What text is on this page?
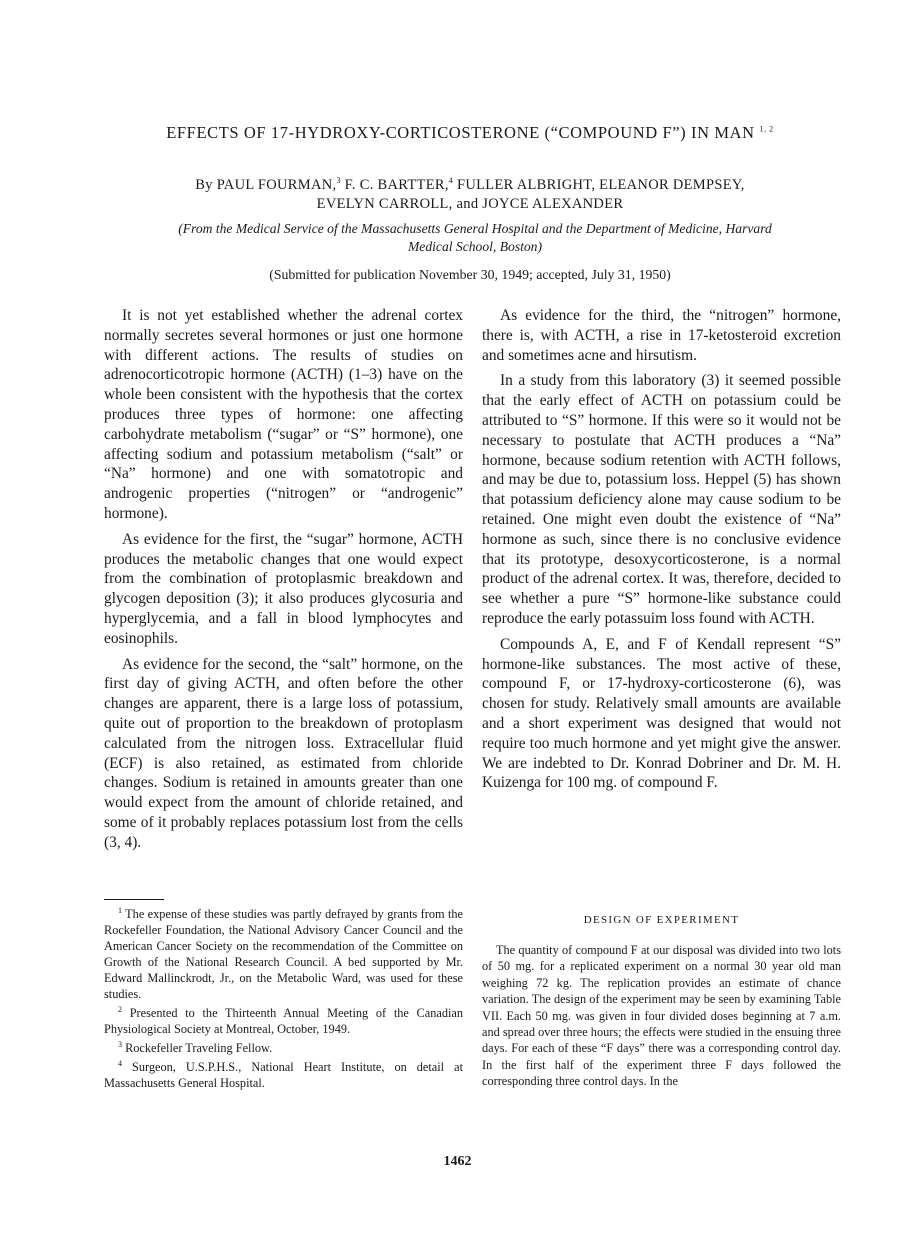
EFFECTS OF 17-HYDROXY-CORTICOSTERONE (“COMPOUND F”) IN MAN $^{1, 2}$
By PAUL FOURMAN,$^3$ F. C. BARTTER,$^4$ FULLER ALBRIGHT, ELEANOR DEMPSEY, EVELYN CARROLL, and JOYCE ALEXANDER
(From the Medical Service of the Massachusetts General Hospital and the Department of Medicine, Harvard Medical School, Boston)
(Submitted for publication November 30, 1949; accepted, July 31, 1950)

It is not yet established whether the adrenal cortex normally secretes several hormones or just one hormone with different actions. The results of studies on adrenocorticotropic hormone (ACTH) (1–3) have on the whole been consistent with the hypothesis that the cortex produces three types of hormone: one affecting carbohydrate metabolism (“sugar” or “S” hormone), one affecting sodium and potassium metabolism (“salt” or “Na” hormone) and one with somatotropic and androgenic properties (“nitrogen” or “androgenic” hormone).

As evidence for the first, the “sugar” hormone, ACTH produces the metabolic changes that one would expect from the combination of protoplasmic breakdown and glycogen deposition (3); it also produces glycosuria and hyperglycemia, and a fall in blood lymphocytes and eosinophils.

As evidence for the second, the “salt” hormone, on the first day of giving ACTH, and often before the other changes are apparent, there is a large loss of potassium, quite out of proportion to the breakdown of protoplasm calculated from the nitrogen loss. Extracellular fluid (ECF) is also retained, as estimated from chloride changes. Sodium is retained in amounts greater than one would expect from the amount of chloride retained, and some of it probably replaces potassium lost from the cells (3, 4).

As evidence for the third, the “nitrogen” hormone, there is, with ACTH, a rise in 17-ketosteroid excretion and sometimes acne and hirsutism.

In a study from this laboratory (3) it seemed possible that the early effect of ACTH on potassium could be attributed to “S” hormone. If this were so it would not be necessary to postulate that ACTH produces a “Na” hormone, because sodium retention with ACTH follows, and may be due to, potassium loss. Heppel (5) has shown that potassium deficiency alone may cause sodium to be retained. One might even doubt the existence of “Na” hormone as such, since there is no conclusive evidence that its prototype, desoxycorticosterone, is a normal product of the adrenal cortex. It was, therefore, decided to see whether a pure “S” hormone-like substance could reproduce the early potassuim loss found with ACTH.

Compounds A, E, and F of Kendall represent “S” hormone-like substances. The most active of these, compound F, or 17-hydroxy-corticosterone (6), was chosen for study. Relatively small amounts are available and a short experiment was designed that would not require too much hormone and yet might give the answer. We are indebted to Dr. Konrad Dobriner and Dr. M. H. Kuizenga for 100 mg. of compound F.

$^1$ The expense of these studies was partly defrayed by grants from the Rockefeller Foundation, the National Advisory Cancer Council and the American Cancer Society on the recommendation of the Committee on Growth of the National Research Council. A bed supported by Mr. Edward Mallinckrodt, Jr., on the Metabolic Ward, was used for these studies.

$^2$ Presented to the Thirteenth Annual Meeting of the Canadian Physiological Society at Montreal, October, 1949.

$^3$ Rockefeller Traveling Fellow.

$^4$ Surgeon, U.S.P.H.S., National Heart Institute, on detail at Massachusetts General Hospital.

DESIGN OF EXPERIMENT

The quantity of compound F at our disposal was divided into two lots of 50 mg. for a replicated experiment on a normal 30 year old man weighing 72 kg. The replication provides an estimate of chance variation. The design of the experiment may be seen by examining Table VII. Each 50 mg. was given in four divided doses beginning at 7 a.m. and spread over three hours; the effects were studied in the ensuing three days. For each of these “F days” there was a corresponding control day. In the first half of the experiment three F days followed the corresponding three control days. In the

1462
